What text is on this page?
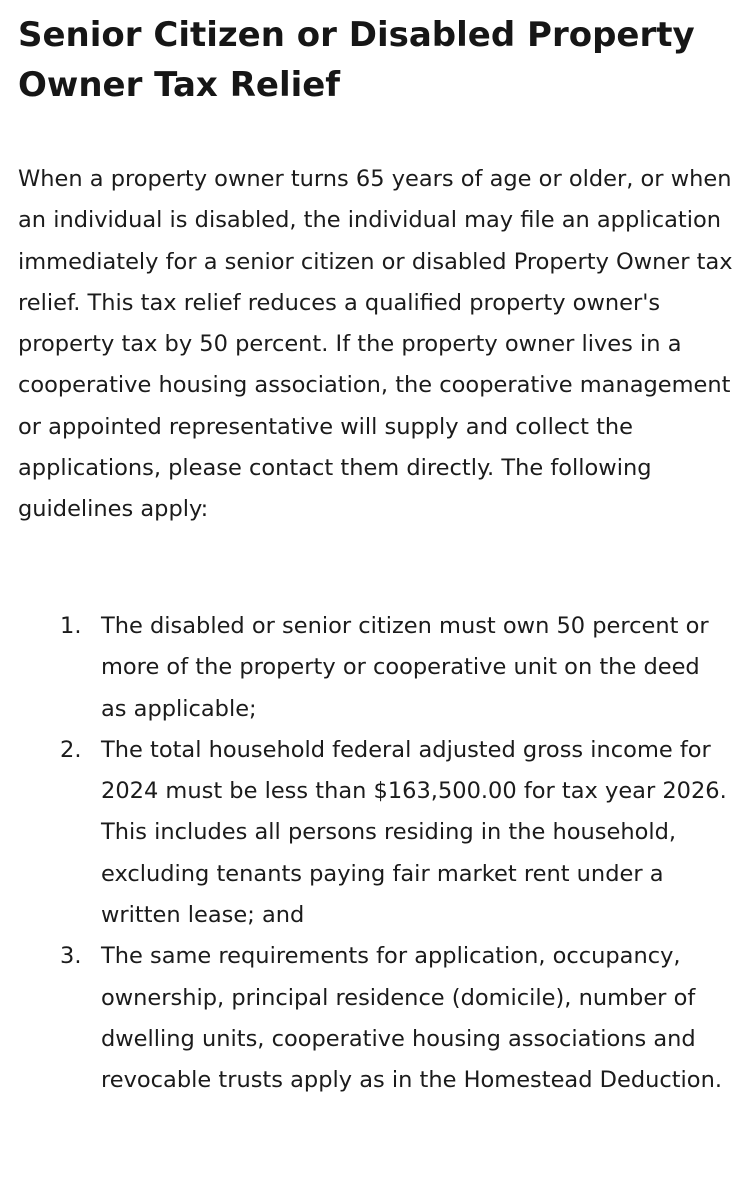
Senior Citizen or Disabled Property Owner Tax Relief

When a property owner turns 65 years of age or older, or when an individual is disabled, the individual may file an application immediately for a senior citizen or disabled Property Owner tax relief. This tax relief reduces a qualified property owner's property tax by 50 percent. If the property owner lives in a cooperative housing association, the cooperative management or appointed representative will supply and collect the applications, please contact them directly. The following guidelines apply:

1. The disabled or senior citizen must own 50 percent or more of the property or cooperative unit on the deed as applicable;
2. The total household federal adjusted gross income for 2024 must be less than $163,500.00 for tax year 2026. This includes all persons residing in the household, excluding tenants paying fair market rent under a written lease; and
3. The same requirements for application, occupancy, ownership, principal residence (domicile), number of dwelling units, cooperative housing associations and revocable trusts apply as in the Homestead Deduction.
